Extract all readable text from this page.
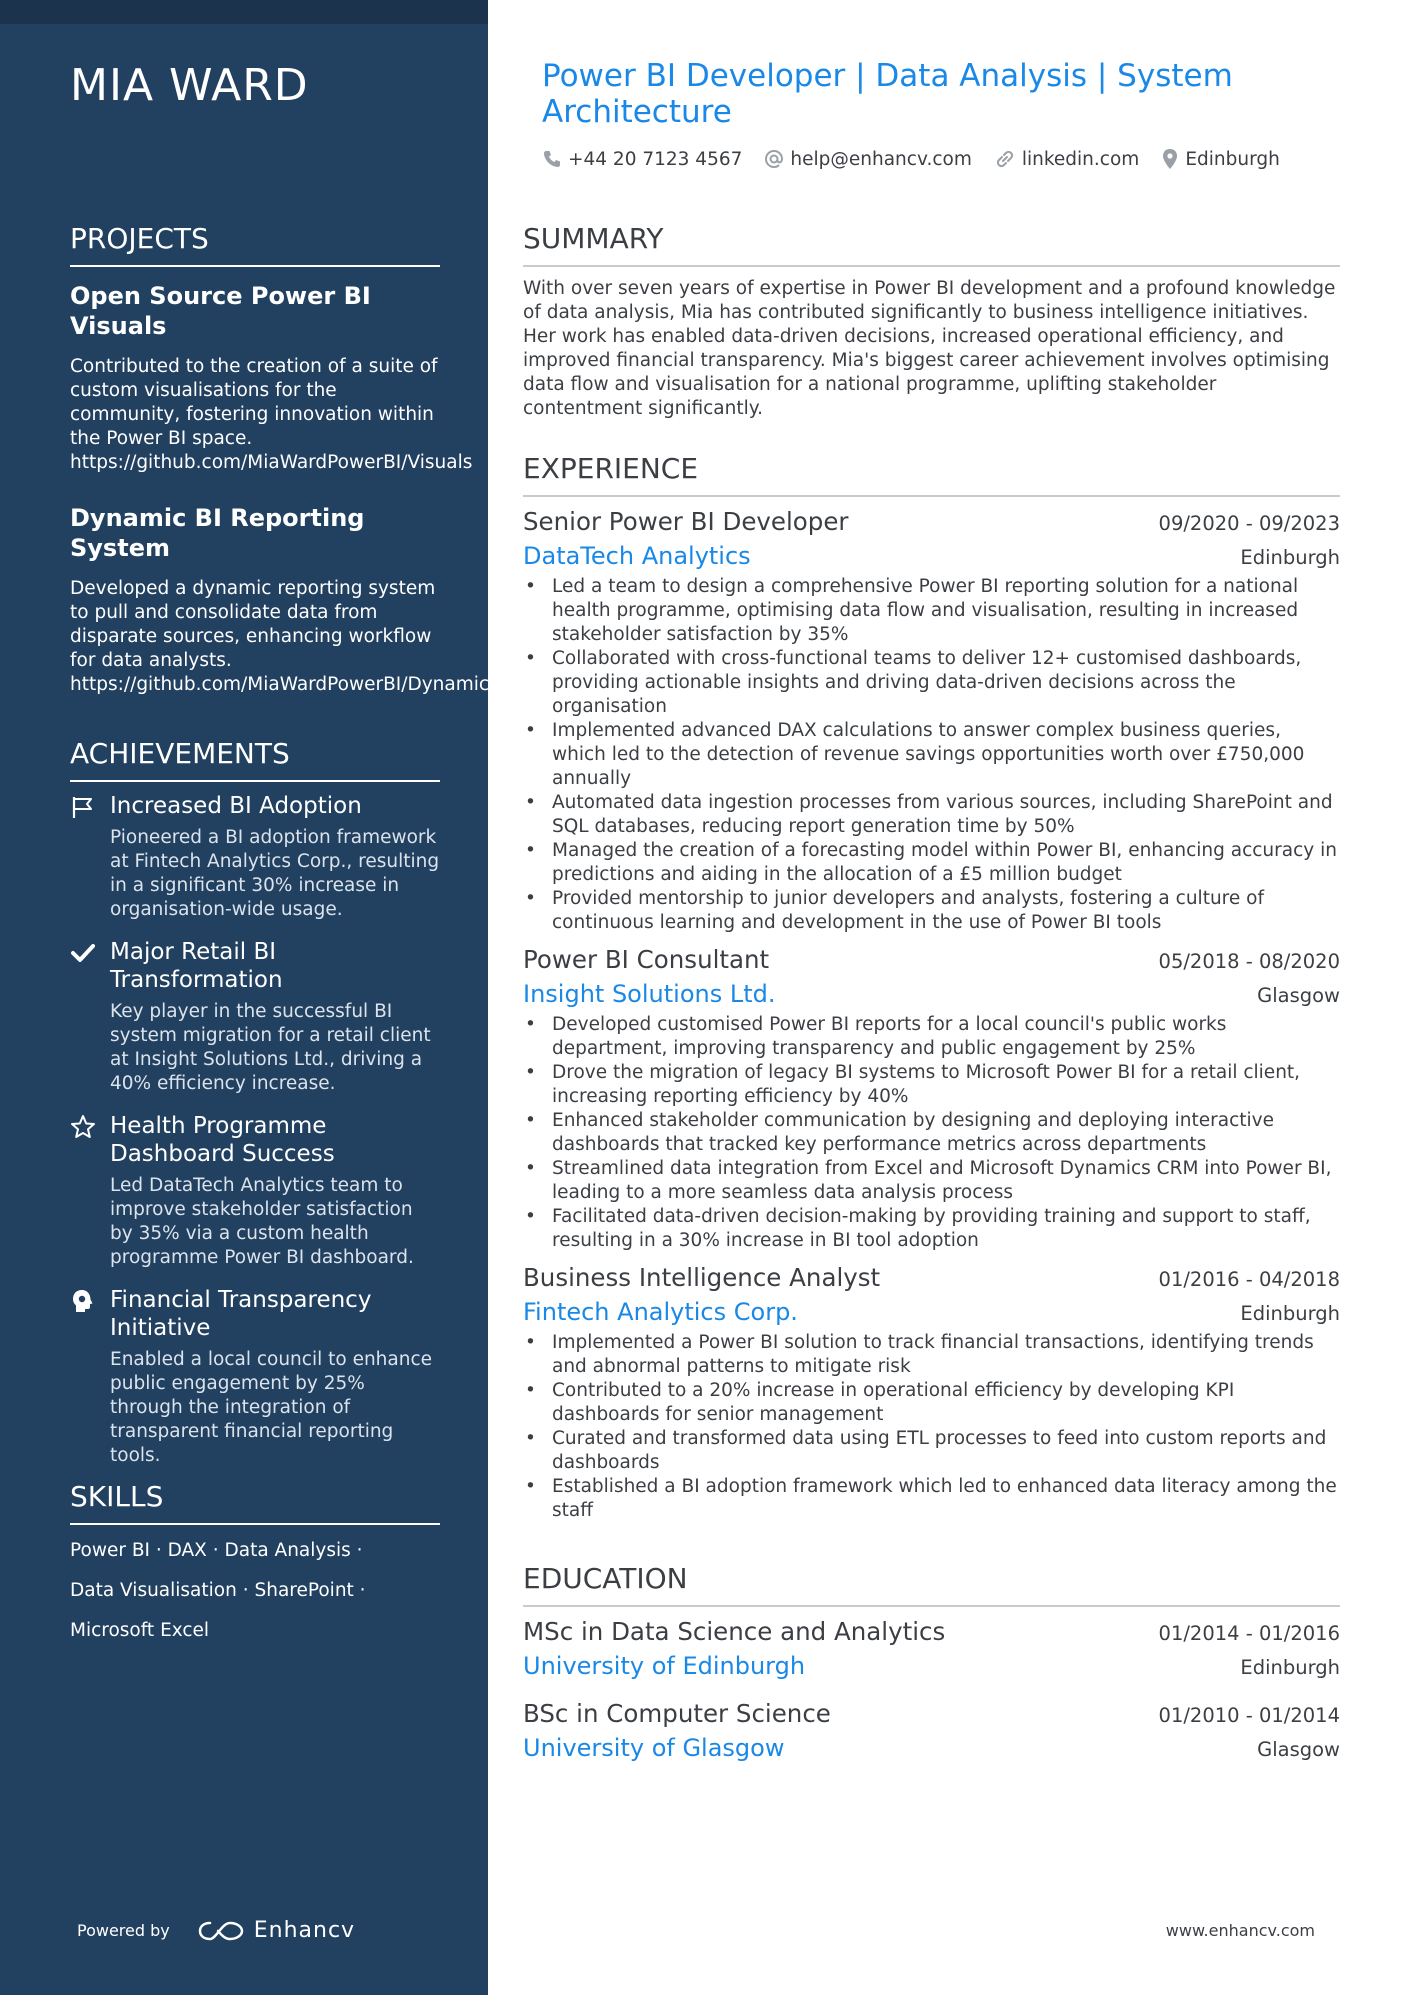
MIA WARD
PROJECTS
Open Source Power BI Visuals
Contributed to the creation of a suite of custom visualisations for the community, fostering innovation within the Power BI space.
https://github.com/MiaWardPowerBI/Visuals
Dynamic BI Reporting System
Developed a dynamic reporting system to pull and consolidate data from disparate sources, enhancing workflow for data analysts.
https://github.com/MiaWardPowerBI/DynamicReports
ACHIEVEMENTS
Increased BI Adoption
Pioneered a BI adoption framework at Fintech Analytics Corp., resulting in a significant 30% increase in organisation-wide usage.
Major Retail BI Transformation
Key player in the successful BI system migration for a retail client at Insight Solutions Ltd., driving a 40% efficiency increase.
Health Programme Dashboard Success
Led DataTech Analytics team to improve stakeholder satisfaction by 35% via a custom health programme Power BI dashboard.
Financial Transparency Initiative
Enabled a local council to enhance public engagement by 25% through the integration of transparent financial reporting tools.
SKILLS
Power BI · DAX · Data Analysis ·
Data Visualisation · SharePoint ·
Microsoft Excel
Powered by	Enhancv
Power BI Developer | Data Analysis | System Architecture
+44 20 7123 4567	help@enhancv.com	linkedin.com Edinburgh
SUMMARY

With over seven years of expertise in Power BI development and a profound knowledge of data analysis, Mia has contributed significantly to business intelligence initiatives. Her work has enabled data-driven decisions, increased operational efficiency, and improved financial transparency. Mia's biggest career achievement involves optimising data flow and visualisation for a national programme, uplifting stakeholder contentment significantly.

EXPERIENCE
Senior Power BI Developer	09/2020 - 09/2023
DataTech Analytics	Edinburgh
• Led a team to design a comprehensive Power BI reporting solution for a national health programme, optimising data flow and visualisation, resulting in increased stakeholder satisfaction by 35%
• Collaborated with cross-functional teams to deliver 12+ customised dashboards, providing actionable insights and driving data-driven decisions across the organisation
• Implemented advanced DAX calculations to answer complex business queries, which led to the detection of revenue savings opportunities worth over £750,000 annually
• Automated data ingestion processes from various sources, including SharePoint and SQL databases, reducing report generation time by 50%
• Managed the creation of a forecasting model within Power BI, enhancing accuracy in predictions and aiding in the allocation of a £5 million budget
• Provided mentorship to junior developers and analysts, fostering a culture of continuous learning and development in the use of Power BI tools
Power BI Consultant	05/2018 - 08/2020
Insight Solutions Ltd.	Glasgow
• Developed customised Power BI reports for a local council's public works department, improving transparency and public engagement by 25%
• Drove the migration of legacy BI systems to Microsoft Power BI for a retail client, increasing reporting efficiency by 40%
• Enhanced stakeholder communication by designing and deploying interactive dashboards that tracked key performance metrics across departments
• Streamlined data integration from Excel and Microsoft Dynamics CRM into Power BI, leading to a more seamless data analysis process
• Facilitated data-driven decision-making by providing training and support to staff, resulting in a 30% increase in BI tool adoption
Business Intelligence Analyst	01/2016 - 04/2018
Fintech Analytics Corp.	Edinburgh
• Implemented a Power BI solution to track financial transactions, identifying trends and abnormal patterns to mitigate risk
• Contributed to a 20% increase in operational efficiency by developing KPI dashboards for senior management
• Curated and transformed data using ETL processes to feed into custom reports and dashboards
• Established a BI adoption framework which led to enhanced data literacy among the staff
EDUCATION
MSc in Data Science and Analytics	01/2014 - 01/2016
University of Edinburgh	Edinburgh
BSc in Computer Science	01/2010 - 01/2014
University of Glasgow	Glasgow
www.enhancv.com
